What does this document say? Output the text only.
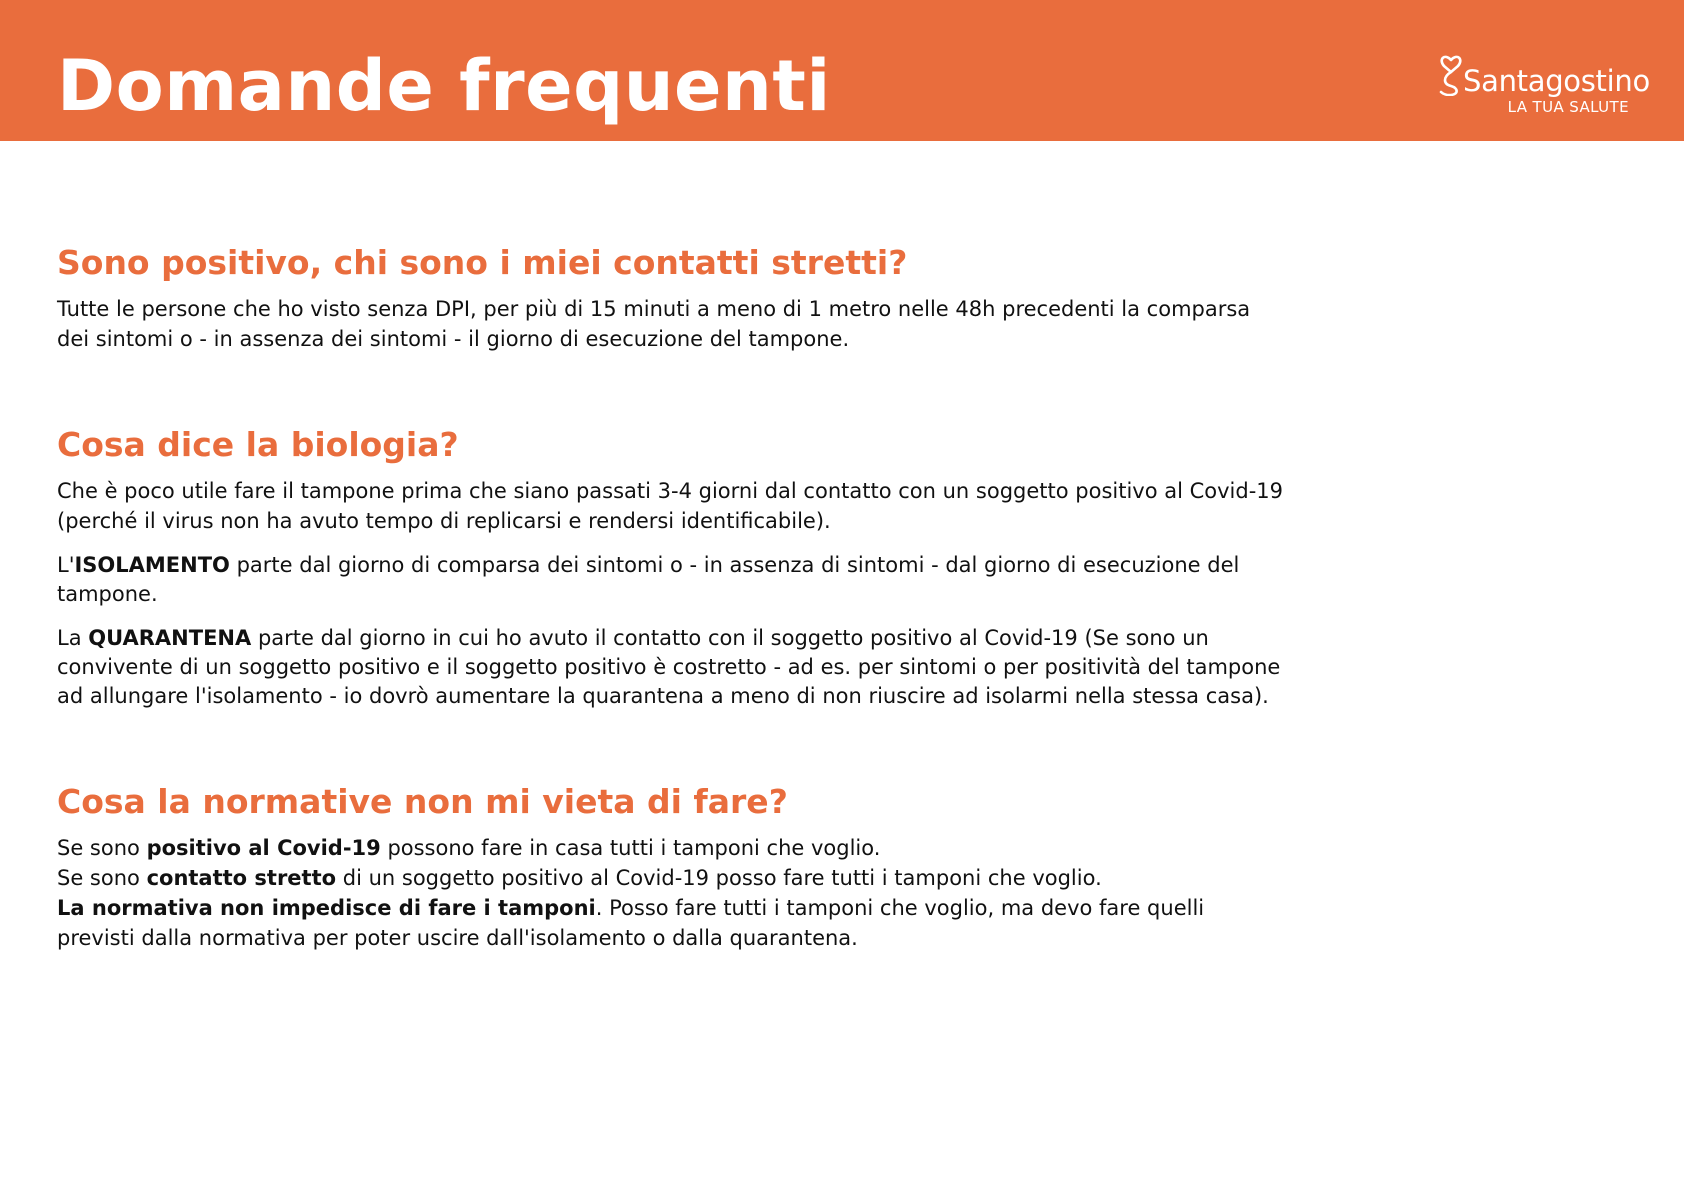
Domande frequenti	Santagostino
LA TUA SALUTE
Sono positivo, chi sono i miei contatti stretti?

Tutte le persone che ho visto senza DPI, per più di 15 minuti a meno di 1 metro nelle 48h precedenti la comparsa dei sintomi o - in assenza dei sintomi - il giorno di esecuzione del tampone.

Cosa dice la biologia?

Che è poco utile fare il tampone prima che siano passati 3-4 giorni dal contatto con un soggetto positivo al Covid-19 (perché il virus non ha avuto tempo di replicarsi e rendersi identificabile).

L'ISOLAMENTO parte dal giorno di comparsa dei sintomi o - in assenza di sintomi - dal giorno di esecuzione del tampone.

La QUARANTENA parte dal giorno in cui ho avuto il contatto con il soggetto positivo al Covid-19 (Se sono un convivente di un soggetto positivo e il soggetto positivo è costretto - ad es. per sintomi o per positività del tampone ad allungare l'isolamento - io dovrò aumentare la quarantena a meno di non riuscire ad isolarmi nella stessa casa).

Cosa la normative non mi vieta di fare?

Se sono positivo al Covid-19 possono fare in casa tutti i tamponi che voglio.

Se sono contatto stretto di un soggetto positivo al Covid-19 posso fare tutti i tamponi che voglio.

La normativa non impedisce di fare i tamponi. Posso fare tutti i tamponi che voglio, ma devo fare quelli previsti dalla normativa per poter uscire dall'isolamento o dalla quarantena.
